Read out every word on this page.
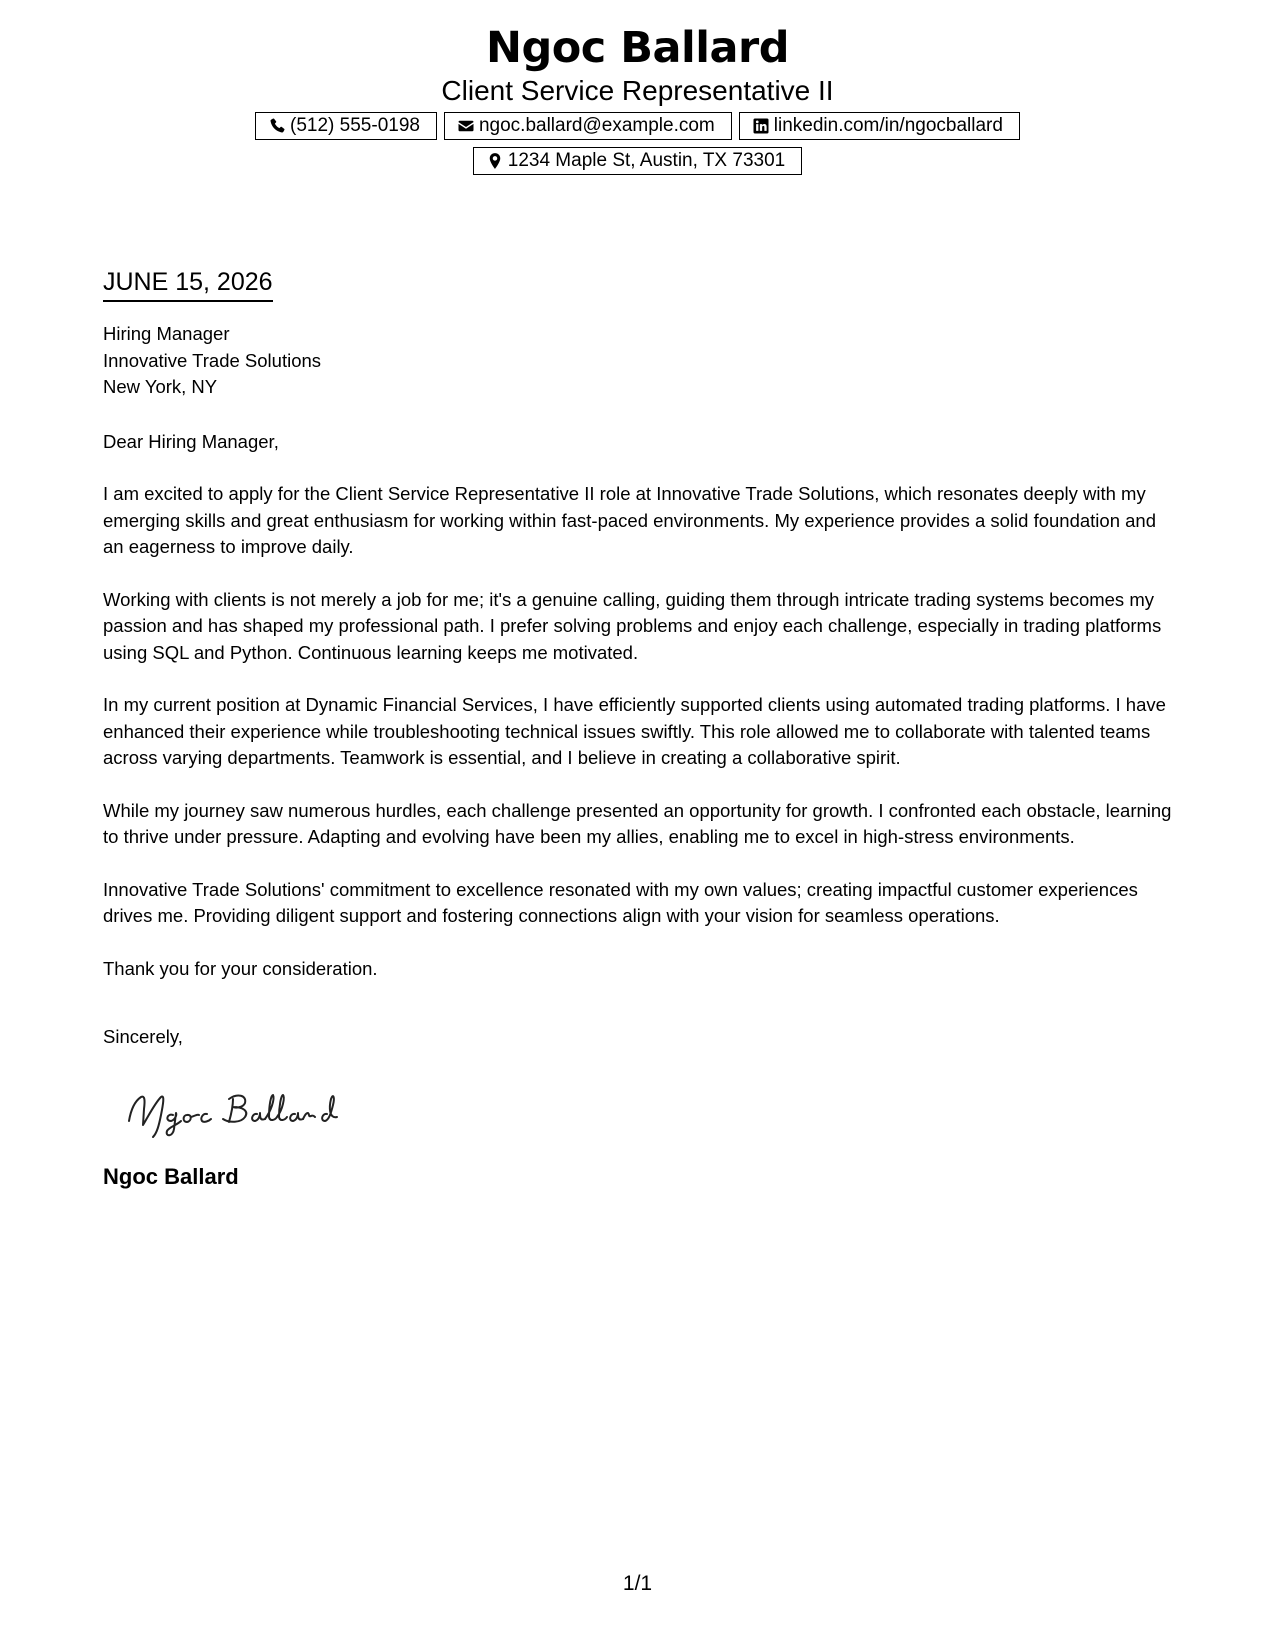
Ngoc Ballard
Client Service Representative II
(512) 555-0198	ngoc.ballard@example.com	linkedin.com/in/ngocballard
1234 Maple St, Austin, TX 73301
JUNE 15, 2026
Hiring Manager
Innovative Trade Solutions
New York, NY
Dear Hiring Manager,

I am excited to apply for the Client Service Representative II role at Innovative Trade Solutions, which resonates deeply with my emerging skills and great enthusiasm for working within fast-paced environments. My experience provides a solid foundation and an eagerness to improve daily.

Working with clients is not merely a job for me; it's a genuine calling, guiding them through intricate trading systems becomes my passion and has shaped my professional path. I prefer solving problems and enjoy each challenge, especially in trading platforms using SQL and Python. Continuous learning keeps me motivated.

In my current position at Dynamic Financial Services, I have efficiently supported clients using automated trading platforms. I have enhanced their experience while troubleshooting technical issues swiftly. This role allowed me to collaborate with talented teams across varying departments. Teamwork is essential, and I believe in creating a collaborative spirit.

While my journey saw numerous hurdles, each challenge presented an opportunity for growth. I confronted each obstacle, learning to thrive under pressure. Adapting and evolving have been my allies, enabling me to excel in high-stress environments.

Innovative Trade Solutions' commitment to excellence resonated with my own values; creating impactful customer experiences drives me. Providing diligent support and fostering connections align with your vision for seamless operations.

Thank you for your consideration.
Sincerely,
Ngoc Ballard
1/1
